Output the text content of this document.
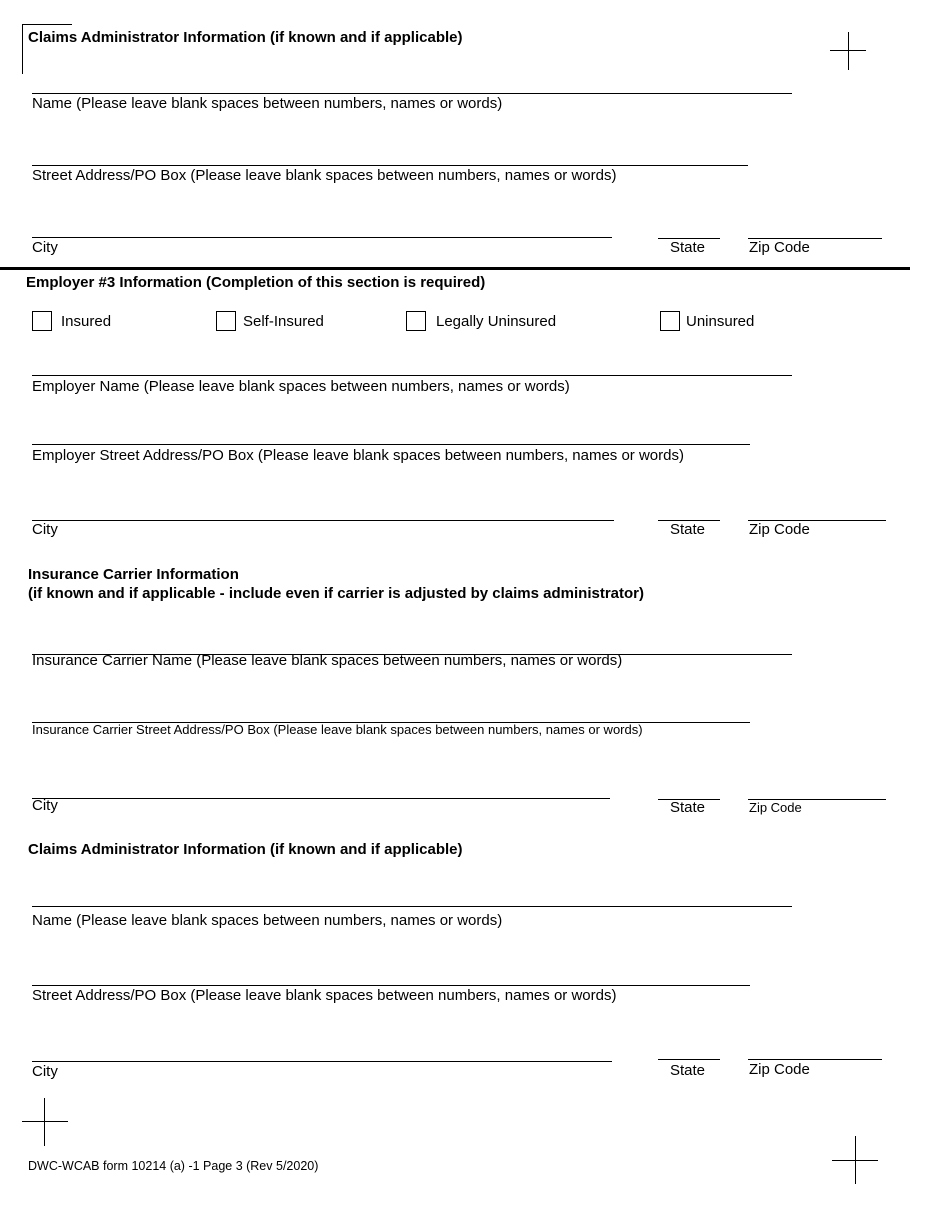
Claims Administrator Information (if known and if applicable)
Name (Please leave blank spaces between numbers, names or words)
Street Address/PO Box (Please leave blank spaces between numbers, names or words)
City	State	Zip Code
Employer #3 Information (Completion of this section is required)
Insured	Self-Insured	Legally Uninsured	Uninsured
Employer Name (Please leave blank spaces between numbers, names or words)
Employer Street Address/PO Box (Please leave blank spaces between numbers, names or words)
City	State	Zip Code
Insurance Carrier Information
(if known and if applicable - include even if carrier is adjusted by claims administrator)
Insurance Carrier Name (Please leave blank spaces between numbers, names or words)
Insurance Carrier Street Address/PO Box (Please leave blank spaces between numbers, names or words)
City	State	Zip Code
Claims Administrator Information (if known and if applicable)
Name (Please leave blank spaces between numbers, names or words)
Street Address/PO Box (Please leave blank spaces between numbers, names or words)
City	State	Zip Code
DWC-WCAB form 10214 (a) -1 Page 3 (Rev 5/2020)
